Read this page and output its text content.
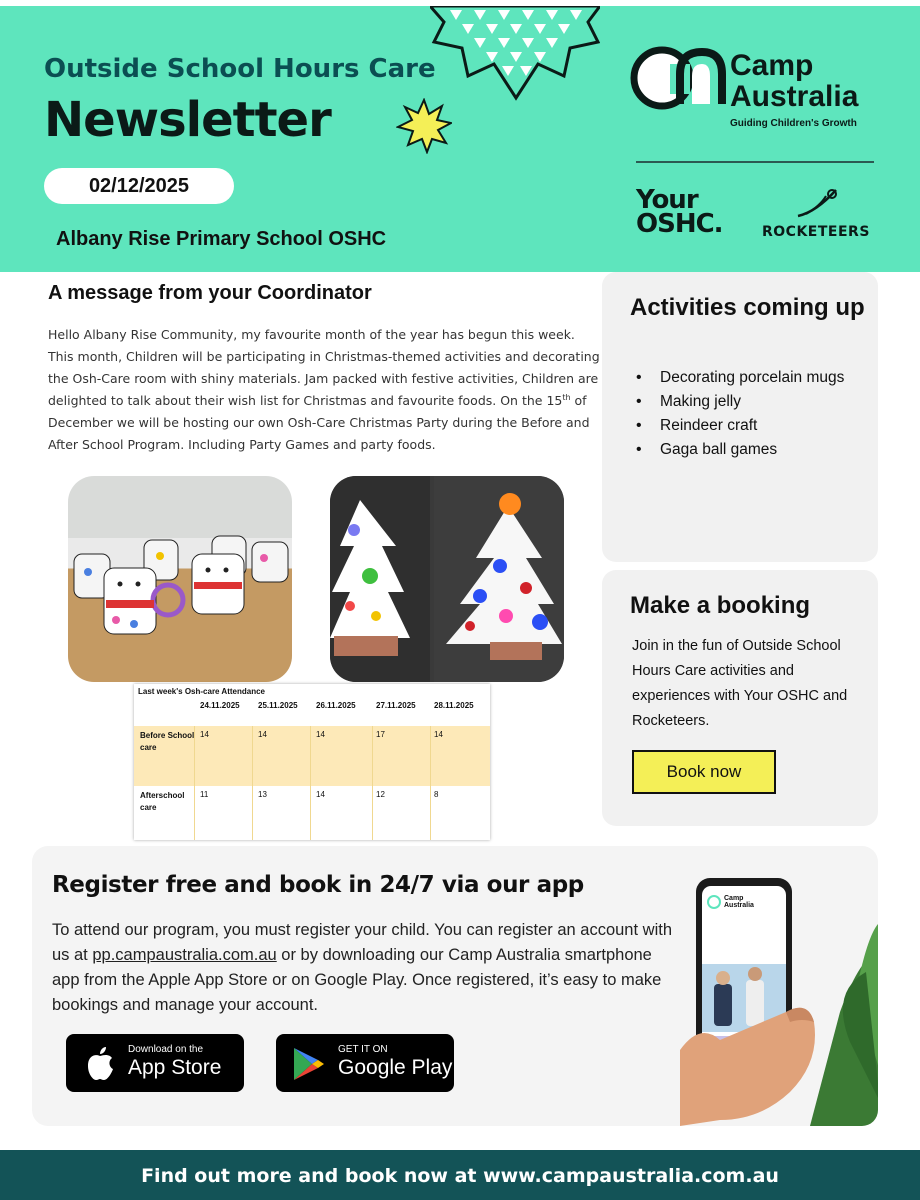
Outside School Hours Care
Newsletter
02/12/2025
Albany Rise Primary School OSHC
Camp
Australia
Guiding Children's Growth
Your
OSHC.	ROCKETEERS
A message from your Coordinator
Hello Albany Rise Community, my favourite month of the year has begun this week. This month, Children will be participating in Christmas-themed activities and decorating the Osh-Care room with shiny materials. Jam packed with festive activities, Children are delighted to talk about their wish list for Christmas and favourite foods. On the 15th of December we will be hosting our own Osh-Care Christmas Party during the Before and After School Program. Including Party Games and party foods.
Last week's Osh-care Attendance
24.11.2025 25.11.2025 26.11.2025	27.11.2025 28.11.2025
Before School care
14	14	14	17	14
Afterschool care
11	13	14	12	8
Activities coming up
• Decorating porcelain mugs
• Making jelly
• Reindeer craft
• Gaga ball games
Make a booking

Join in the fun of Outside School Hours Care activities and experiences with Your OSHC and Rocketeers.

Book now
Register free and book in 24/7 via our app

To attend our program, you must register your child. You can register an account with us at pp.campaustralia.com.au or by downloading our Camp Australia smartphone app from the Apple App Store or on Google Play. Once registered, it’s easy to make bookings and manage your account.

Download on the
App Store
GET IT ON
Google Play
Camp
Australia
Find out more and book now at www.campaustralia.com.au
